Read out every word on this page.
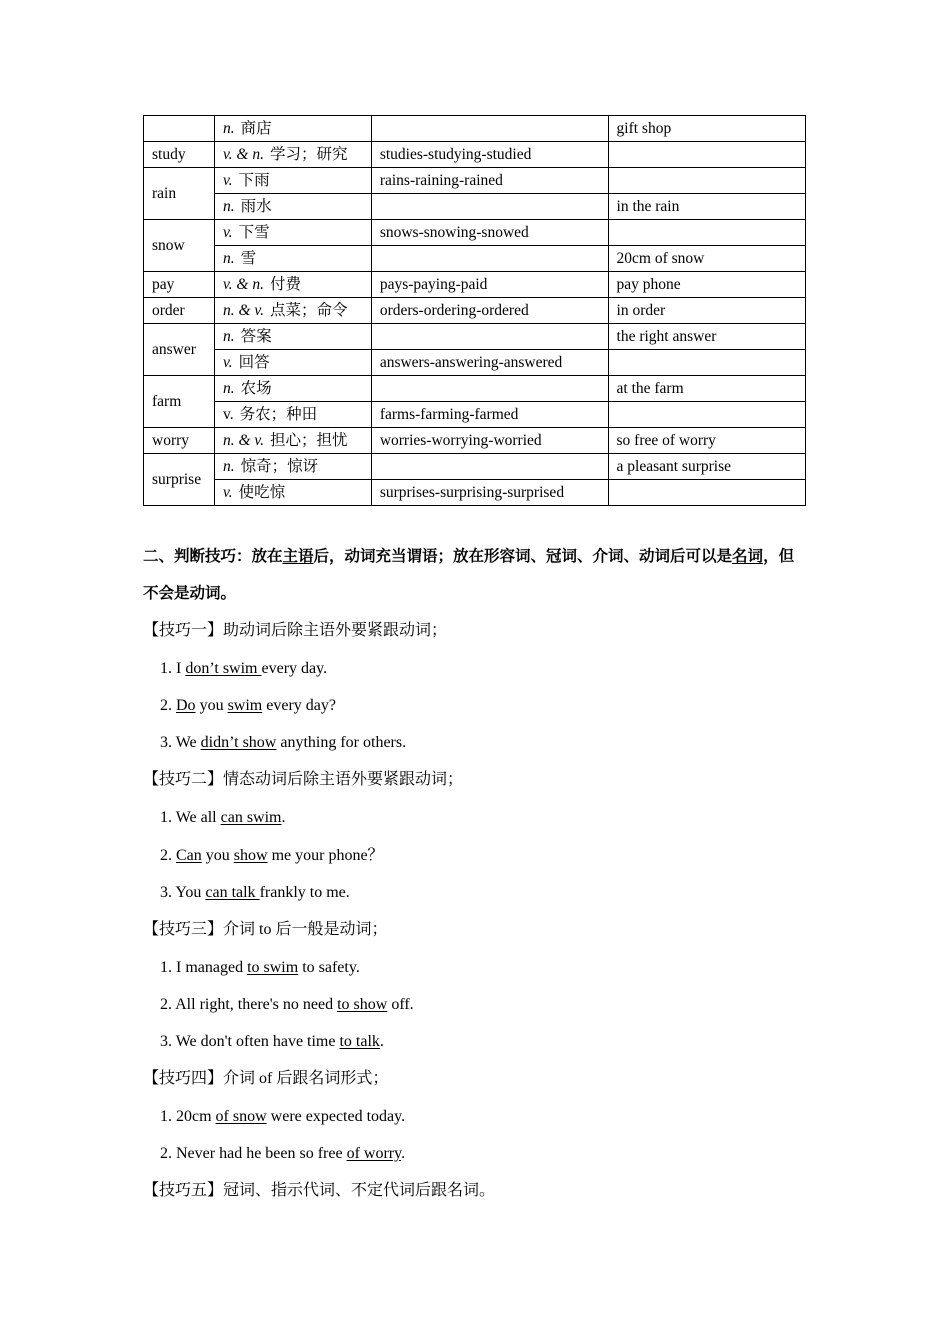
	n. 商店		gift shop
study	v. & n. 学习；研究	studies-studying-studied	
rain	v. 下雨	rains-raining-rained	
	n. 雨水		in the rain
snow	v. 下雪	snows-snowing-snowed	
	n. 雪		20cm of snow
pay	v. & n. 付费	pays-paying-paid	pay phone
order	n. & v. 点菜；命令	orders-ordering-ordered	in order
answer	n. 答案		the right answer
	v. 回答	answers-answering-answered	
farm	n. 农场		at the farm
	v. 务农；种田	farms-farming-farmed	
worry	n. & v. 担心；担忧	worries-worrying-worried	so free of worry
surprise	n. 惊奇；惊讶		a pleasant surprise
	v. 使吃惊	surprises-surprising-surprised	
二、判断技巧：放在主语后，动词充当谓语；放在形容词、冠词、介词、动词后可以是名词，但不会是动词。
【技巧一】助动词后除主语外要紧跟动词；
1. I don’t swim every day.
2. Do you swim every day?
3. We didn’t show anything for others.
【技巧二】情态动词后除主语外要紧跟动词；
1. We all can swim.
2. Can you show me your phone？
3. You can talk frankly to me.
【技巧三】介词 to 后一般是动词；
1. I managed to swim to safety.
2. All right, there's no need to show off.
3. We don't often have time to talk.
【技巧四】介词 of 后跟名词形式；
1. 20cm of snow were expected today.
2. Never had he been so free of worry.
【技巧五】冠词、指示代词、不定代词后跟名词。
